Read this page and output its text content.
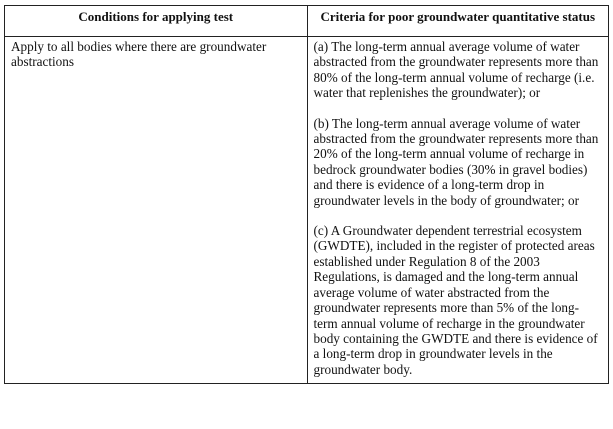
Conditions for applying test	Criteria for poor groundwater quantitative status
Apply to all bodies where there are groundwater abstractions	(a) The long-term annual average volume of water abstracted from the groundwater represents more than 80% of the long-term annual volume of recharge (i.e. water that replenishes the groundwater); or

(b) The long-term annual average volume of water abstracted from the groundwater represents more than 20% of the long-term annual volume of recharge in bedrock groundwater bodies (30% in gravel bodies) and there is evidence of a long-term drop in groundwater levels in the body of groundwater; or

(c) A Groundwater dependent terrestrial ecosystem (GWDTE), included in the register of protected areas established under Regulation 8 of the 2003 Regulations, is damaged and the long-term annual average volume of water abstracted from the groundwater represents more than 5% of the long-term annual volume of recharge in the groundwater body containing the GWDTE and there is evidence of a long-term drop in groundwater levels in the groundwater body.
